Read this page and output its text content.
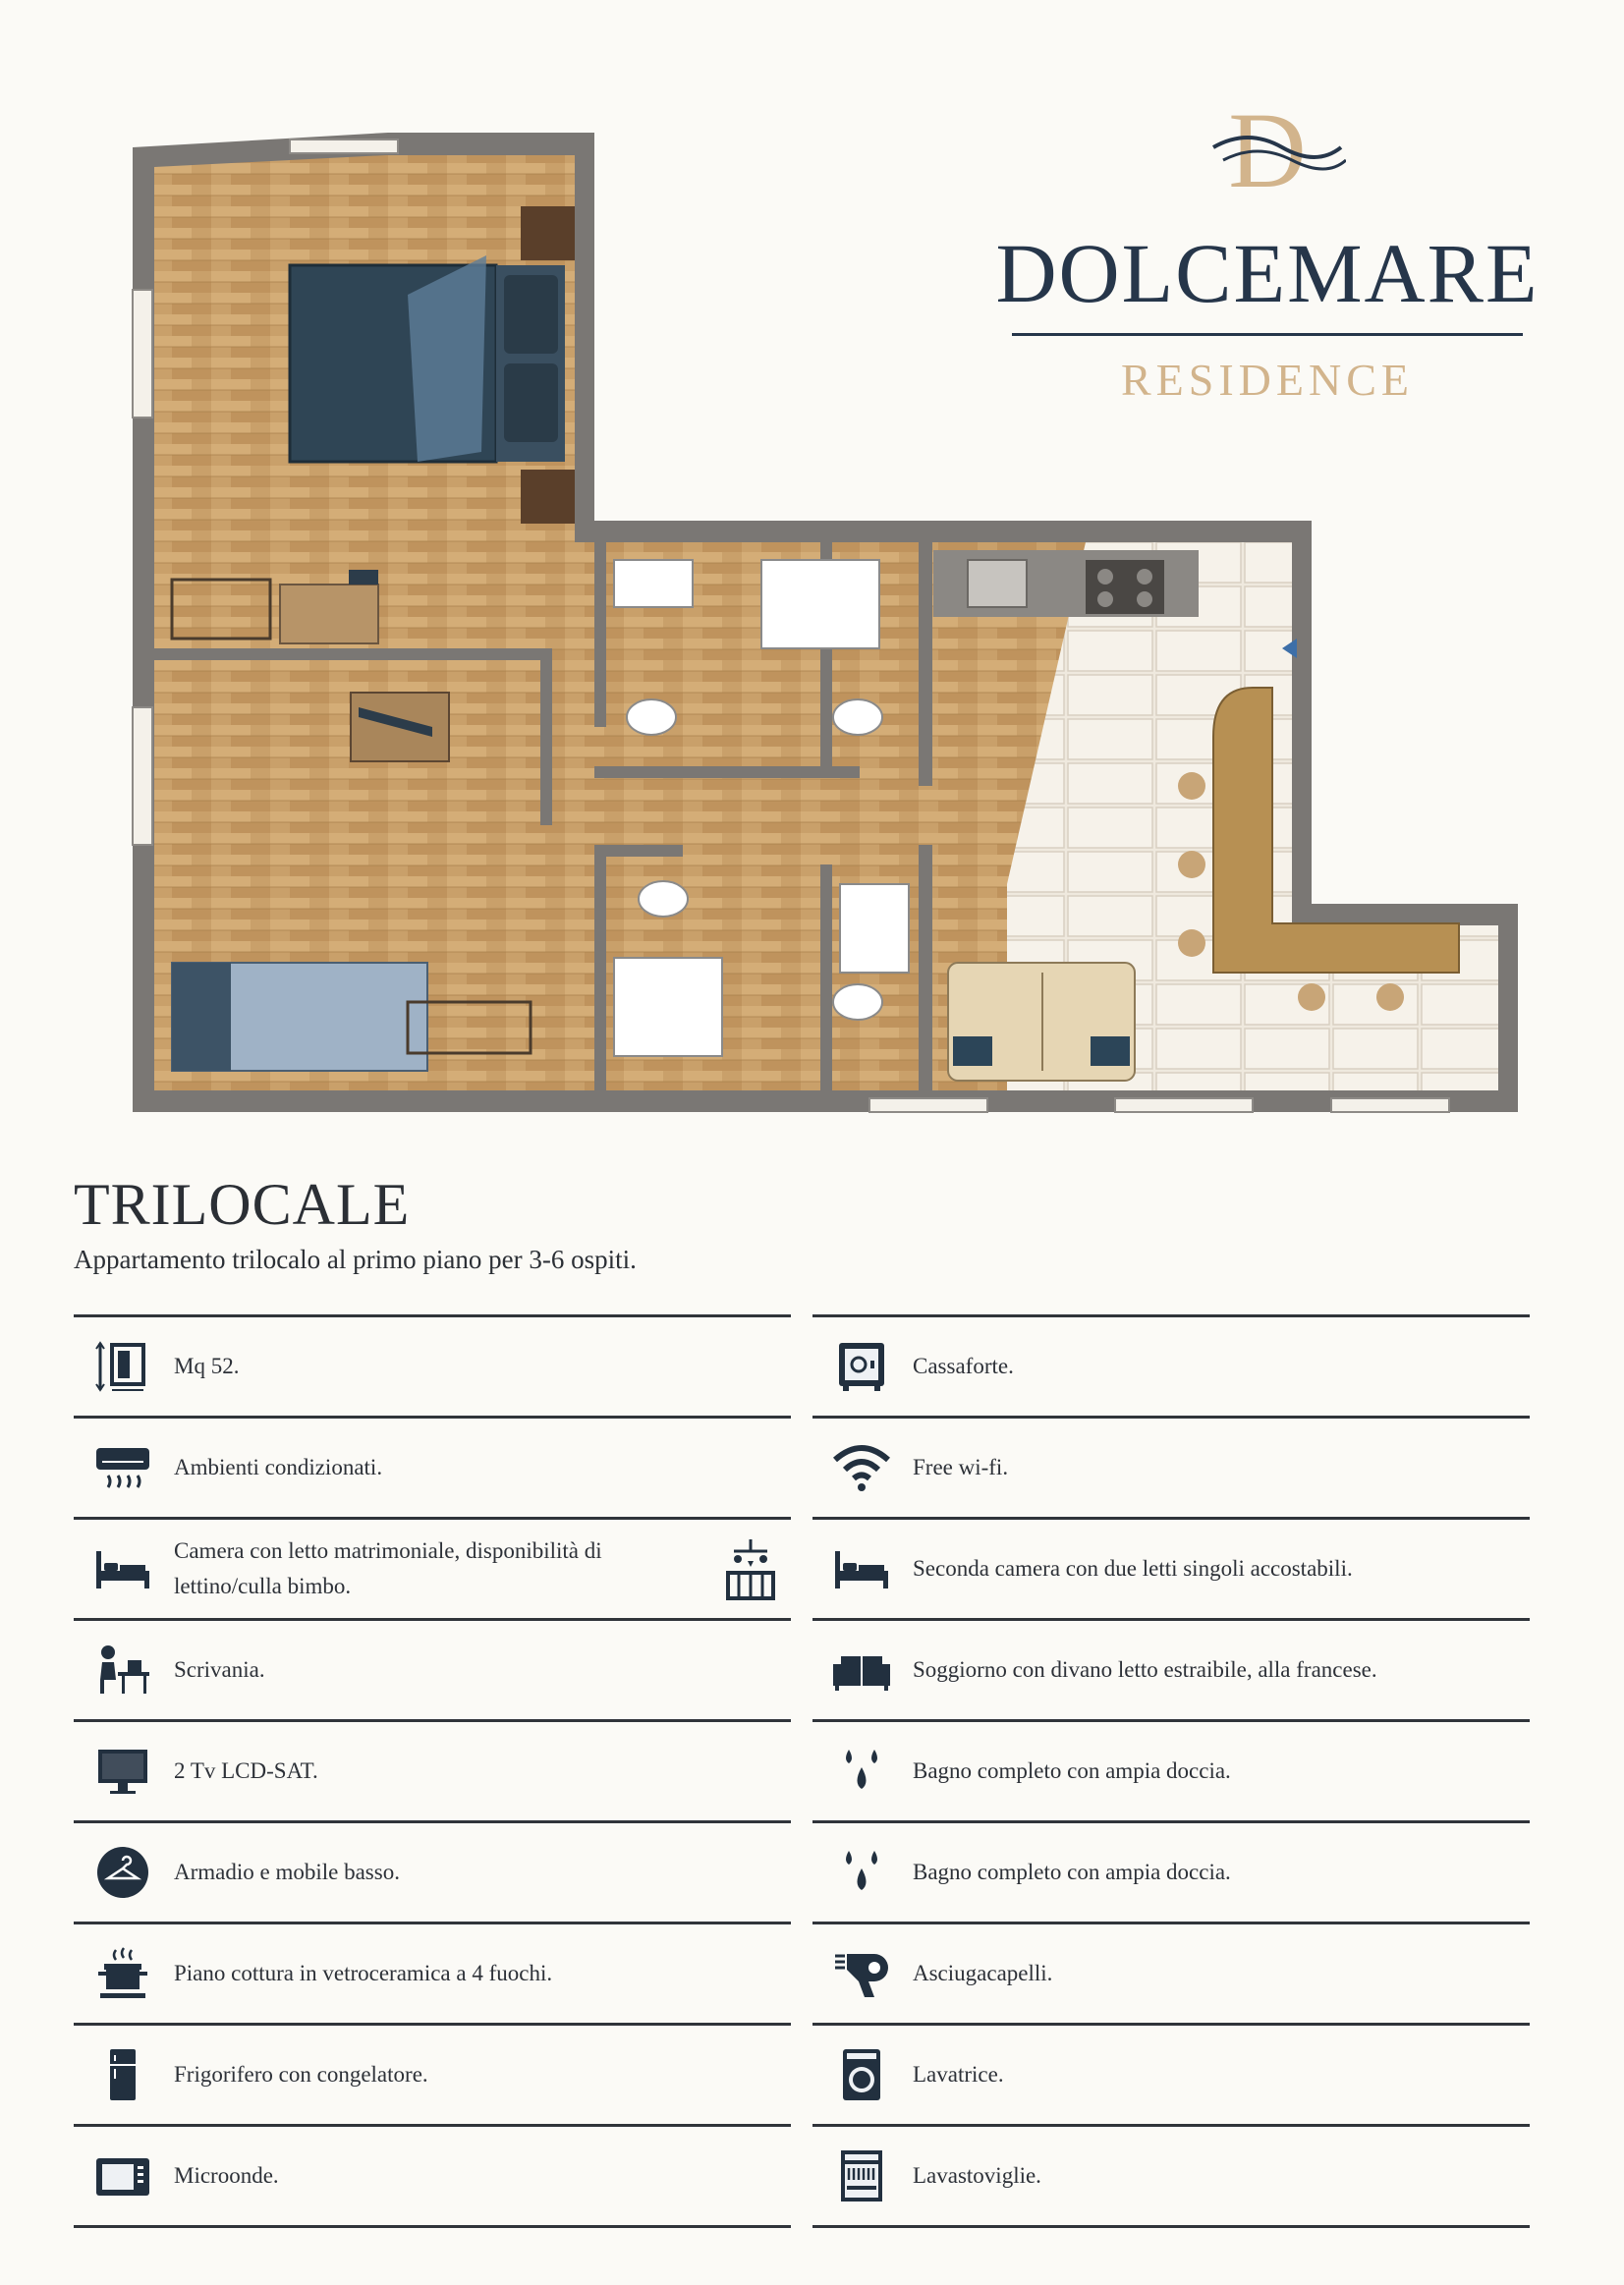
D
DOLCEMARE
RESIDENCE
TRILOCALE

Appartamento trilocalo al primo piano per 3-6 ospiti.

Mq 52.
Ambienti condizionati.
Camera con letto matrimoniale, disponibilità di lettino/culla bimbo.
Scrivania.
2 Tv LCD-SAT.
Armadio e mobile basso.
Piano cottura in vetroceramica a 4 fuochi.
Frigorifero con congelatore.
Microonde.
Cassaforte.
Free wi-fi.
Seconda camera con due letti singoli accostabili.
Soggiorno con divano letto estraibile, alla francese.
Bagno completo con ampia doccia.
Bagno completo con ampia doccia.
Asciugacapelli.
Lavatrice.
Lavastoviglie.
